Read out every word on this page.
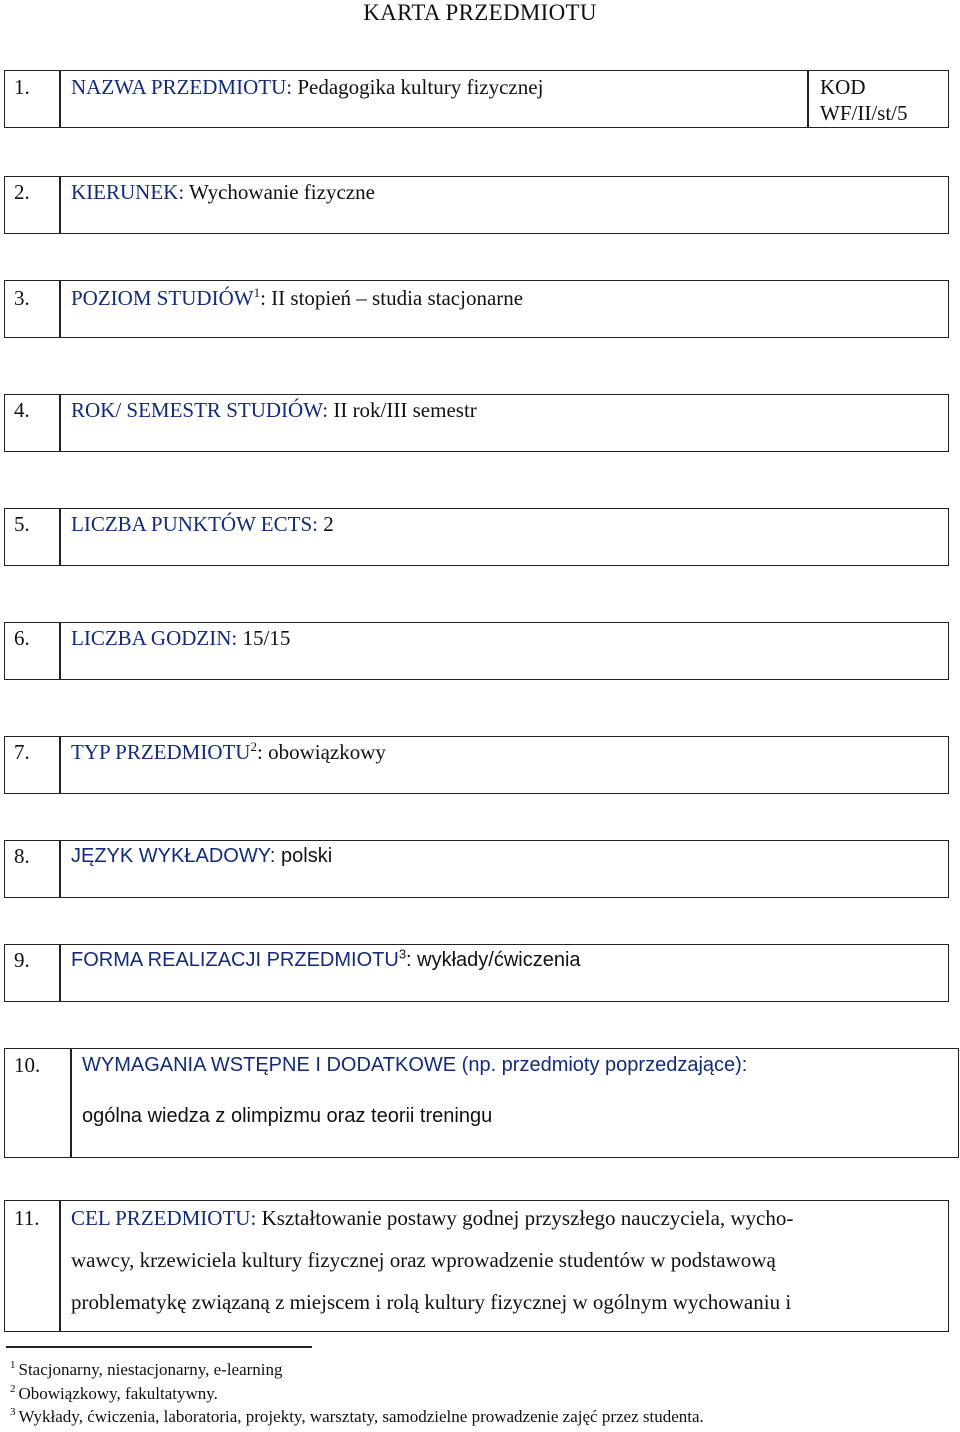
KARTA PRZEDMIOTU
1. NAZWA PRZEDMIOTU: Pedagogika kultury fizycznej	KOD
WF/II/st/5
2. KIERUNEK: Wychowanie fizyczne
3. POZIOM STUDIÓW$^1$: II stopień – studia stacjonarne
4. ROK/ SEMESTR STUDIÓW: II rok/III semestr
5. LICZBA PUNKTÓW ECTS: 2
6. LICZBA GODZIN: 15/15
7. TYP PRZEDMIOTU$^2$: obowiązkowy
8. JĘZYK WYKŁADOWY: polski
9. FORMA REALIZACJI PRZEDMIOTU$^3$: wykłady/ćwiczenia
10. WYMAGANIA WSTĘPNE I DODATKOWE (np. przedmioty poprzedzające):
ogólna wiedza z olimpizmu oraz teorii treningu
11. CEL PRZEDMIOTU: Kształtowanie postawy godnej przyszłego nauczyciela, wycho-
wawcy, krzewiciela kultury fizycznej oraz wprowadzenie studentów w podstawową
problematykę związaną z miejscem i rolą kultury fizycznej w ogólnym wychowaniu i
$^1$ Stacjonarny, niestacjonarny, e-learning
$^2$ Obowiązkowy, fakultatywny.
$^3$ Wykłady, ćwiczenia, laboratoria, projekty, warsztaty, samodzielne prowadzenie zajęć przez studenta.
